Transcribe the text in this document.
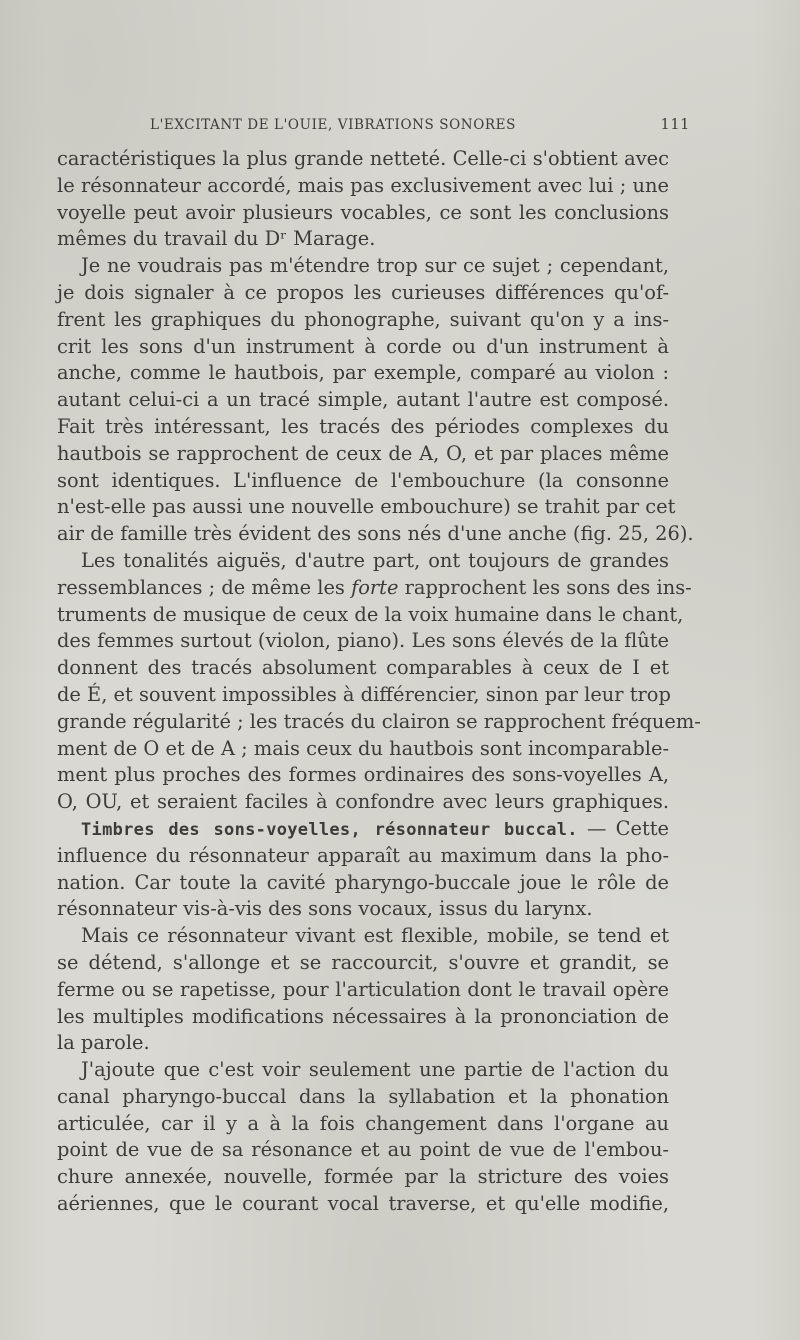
L'EXCITANT DE L'OUIE, VIBRATIONS SONORES	111
caractéristiques la plus grande netteté. Celle-ci s'obtient avec
le résonnateur accordé, mais pas exclusivement avec lui ; une
voyelle peut avoir plusieurs vocables, ce sont les conclusions
mêmes du travail du Dʳ Marage.
Je ne voudrais pas m'étendre trop sur ce sujet ; cependant,
je dois signaler à ce propos les curieuses différences qu'of-
frent les graphiques du phonographe, suivant qu'on y a ins-
crit les sons d'un instrument à corde ou d'un instrument à
anche, comme le hautbois, par exemple, comparé au violon :
autant celui-ci a un tracé simple, autant l'autre est composé.
Fait très intéressant, les tracés des périodes complexes du
hautbois se rapprochent de ceux de A, O, et par places même
sont identiques. L'influence de l'embouchure (la consonne
n'est-elle pas aussi une nouvelle embouchure) se trahit par cet
air de famille très évident des sons nés d'une anche (fig. 25, 26).
Les tonalités aiguës, d'autre part, ont toujours de grandes
ressemblances ; de même les forte rapprochent les sons des ins-
truments de musique de ceux de la voix humaine dans le chant,
des femmes surtout (violon, piano). Les sons élevés de la flûte
donnent des tracés absolument comparables à ceux de I et
de É, et souvent impossibles à différencier, sinon par leur trop
grande régularité ; les tracés du clairon se rapprochent fréquem-
ment de O et de A ; mais ceux du hautbois sont incomparable-
ment plus proches des formes ordinaires des sons-voyelles A,
O, OU, et seraient faciles à confondre avec leurs graphiques.
Timbres des sons-voyelles, résonnateur buccal. — Cette
influence du résonnateur apparaît au maximum dans la pho-
nation. Car toute la cavité pharyngo-buccale joue le rôle de
résonnateur vis-à-vis des sons vocaux, issus du larynx.
Mais ce résonnateur vivant est flexible, mobile, se tend et
se détend, s'allonge et se raccourcit, s'ouvre et grandit, se
ferme ou se rapetisse, pour l'articulation dont le travail opère
les multiples modifications nécessaires à la prononciation de
la parole.
J'ajoute que c'est voir seulement une partie de l'action du
canal pharyngo-buccal dans la syllabation et la phonation
articulée, car il y a à la fois changement dans l'organe au
point de vue de sa résonance et au point de vue de l'embou-
chure annexée, nouvelle, formée par la stricture des voies
aériennes, que le courant vocal traverse, et qu'elle modifie,
